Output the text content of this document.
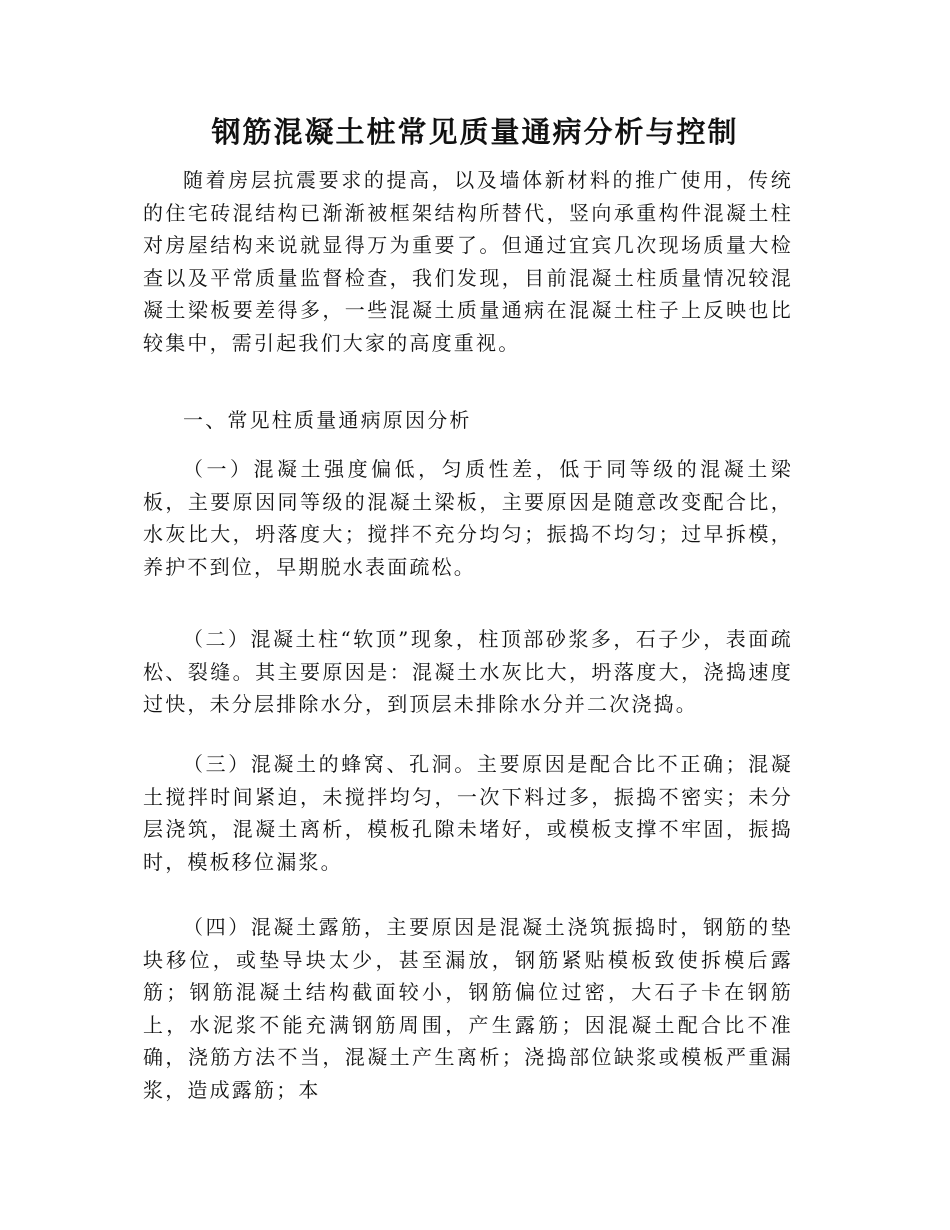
钢筋混凝土桩常见质量通病分析与控制

随着房层抗震要求的提高，以及墙体新材料的推广使用，传统的住宅砖混结构已渐渐被框架结构所替代，竖向承重构件混凝土柱对房屋结构来说就显得万为重要了。但通过宜宾几次现场质量大检查以及平常质量监督检查，我们发现，目前混凝土柱质量情况较混凝土梁板要差得多，一些混凝土质量通病在混凝土柱子上反映也比较集中，需引起我们大家的高度重视。

一、常见柱质量通病原因分析

（一）混凝土强度偏低，匀质性差，低于同等级的混凝土梁板，主要原因同等级的混凝土梁板，主要原因是随意改变配合比，水灰比大，坍落度大；搅拌不充分均匀；振捣不均匀；过早拆模，养护不到位，早期脱水表面疏松。

（二）混凝土柱“软顶”现象，柱顶部砂浆多，石子少，表面疏松、裂缝。其主要原因是：混凝土水灰比大，坍落度大，浇捣速度过快，未分层排除水分，到顶层未排除水分并二次浇捣。

（三）混凝土的蜂窝、孔洞。主要原因是配合比不正确；混凝土搅拌时间紧迫，未搅拌均匀，一次下料过多，振捣不密实；未分层浇筑，混凝土离析，模板孔隙未堵好，或模板支撑不牢固，振捣时，模板移位漏浆。

（四）混凝土露筋，主要原因是混凝土浇筑振捣时，钢筋的垫块移位，或垫导块太少，甚至漏放，钢筋紧贴模板致使拆模后露筋；钢筋混凝土结构截面较小，钢筋偏位过密，大石子卡在钢筋上，水泥浆不能充满钢筋周围，产生露筋；因混凝土配合比不准确，浇筋方法不当，混凝土产生离析；浇捣部位缺浆或模板严重漏浆，造成露筋；本
